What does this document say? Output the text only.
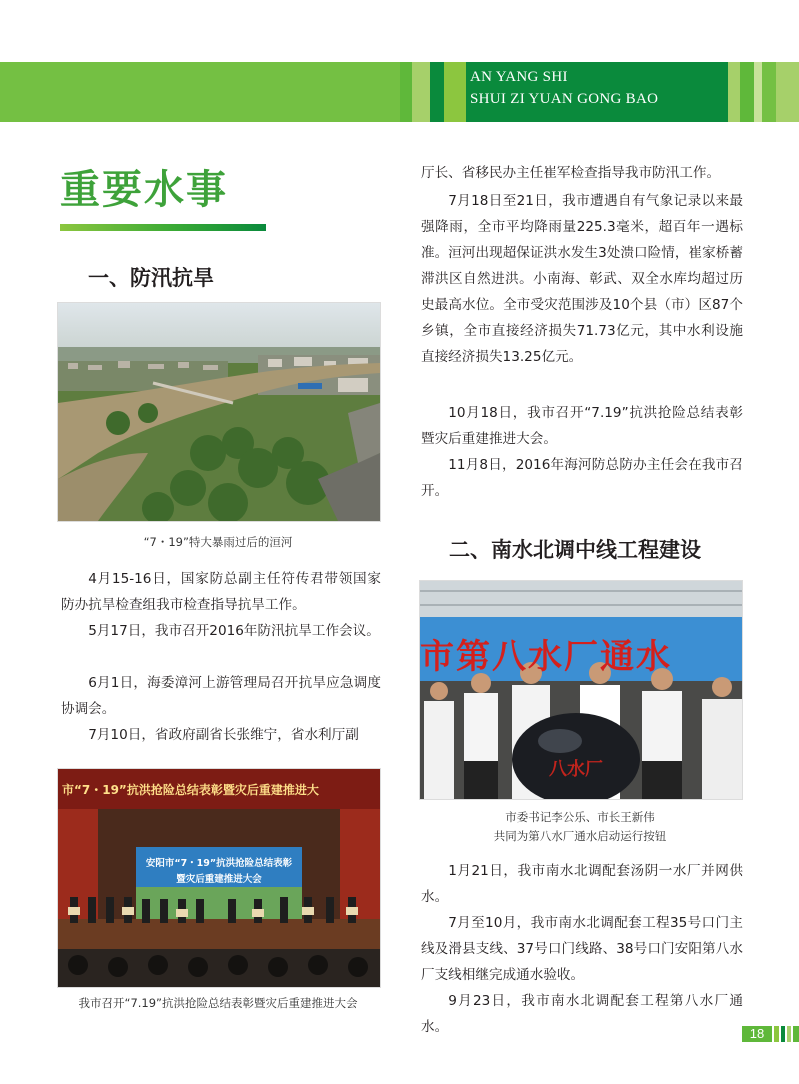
AN YANG SHI
SHUI ZI YUAN GONG BAO
重要水事
一、防汛抗旱
“7・19”特大暴雨过后的洹河

4月15-16日，国家防总副主任符传君带领国家防办抗旱检查组我市检查指导抗旱工作。

5月17日，我市召开2016年防汛抗旱工作会议。

6月1日，海委漳河上游管理局召开抗旱应急调度协调会。

7月10日，省政府副省长张维宁，省水利厅副

市“7・19”抗洪抢险总结表彰暨灾后重建推进大
安阳市“7・19”抗洪抢险总结表彰
暨灾后重建推进大会
我市召开“7.19”抗洪抢险总结表彰暨灾后重建推进大会

厅长、省移民办主任崔军检查指导我市防汛工作。

7月18日至21日，我市遭遇自有气象记录以来最强降雨，全市平均降雨量225.3毫米，超百年一遇标准。洹河出现超保证洪水发生3处溃口险情，崔家桥蓄滞洪区自然进洪。小南海、彰武、双全水库均超过历史最高水位。全市受灾范围涉及10个县（市）区87个乡镇，全市直接经济损失71.73亿元，其中水利设施直接经济损失13.25亿元。

10月18日，我市召开“7.19”抗洪抢险总结表彰暨灾后重建推进大会。

11月8日，2016年海河防总防办主任会在我市召开。

二、南水北调中线工程建设
市第八水厂通水
八水厂
市委书记李公乐、市长王新伟
共同为第八水厂通水启动运行按钮

1月21日，我市南水北调配套汤阴一水厂并网供水。

7月至10月，我市南水北调配套工程35号口门主线及滑县支线、37号口门线路、38号口门安阳第八水厂支线相继完成通水验收。

9月23日，我市南水北调配套工程第八水厂通水。	18
